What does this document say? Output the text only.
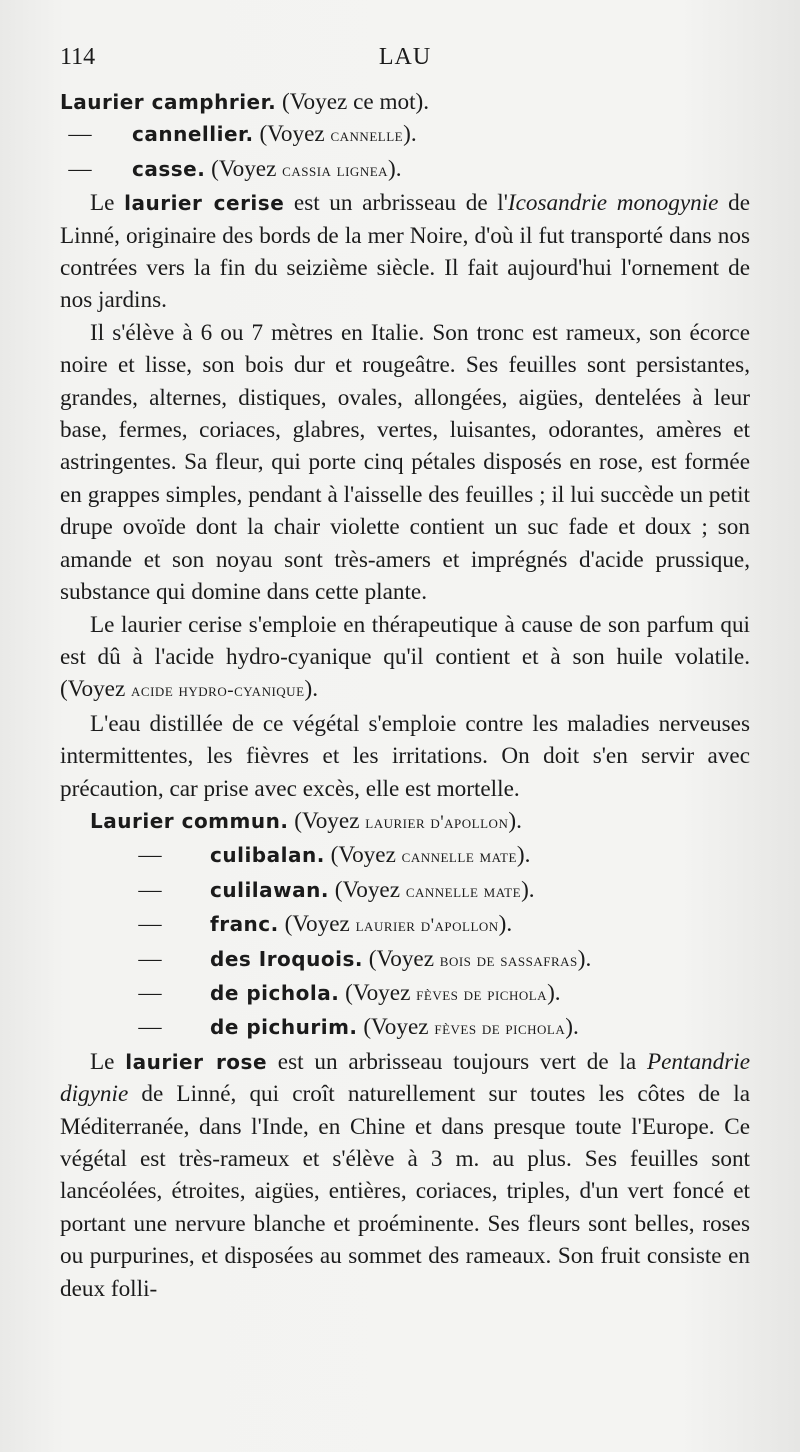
114	LAU
Laurier camphrier. (Voyez ce mot).
— cannellier. (Voyez cannelle).
— casse. (Voyez cassia lignea).

Le laurier cerise est un arbrisseau de l'Icosandrie monogynie de Linné, originaire des bords de la mer Noire, d'où il fut transporté dans nos contrées vers la fin du seizième siècle. Il fait aujourd'hui l'ornement de nos jardins.

Il s'élève à 6 ou 7 mètres en Italie. Son tronc est rameux, son écorce noire et lisse, son bois dur et rougeâtre. Ses feuilles sont persistantes, grandes, alternes, distiques, ovales, allongées, aigües, dentelées à leur base, fermes, coriaces, glabres, vertes, luisantes, odorantes, amères et astringentes. Sa fleur, qui porte cinq pétales disposés en rose, est formée en grappes simples, pendant à l'aisselle des feuilles ; il lui succède un petit drupe ovoïde dont la chair violette contient un suc fade et doux ; son amande et son noyau sont très-amers et imprégnés d'acide prussique, substance qui domine dans cette plante.

Le laurier cerise s'emploie en thérapeutique à cause de son parfum qui est dû à l'acide hydro-cyanique qu'il contient et à son huile volatile. (Voyez acide hydro-cyanique).

L'eau distillée de ce végétal s'emploie contre les maladies nerveuses intermittentes, les fièvres et les irritations. On doit s'en servir avec précaution, car prise avec excès, elle est mortelle.

Laurier commun. (Voyez laurier d'apollon).
— culibalan. (Voyez cannelle mate).
— culilawan. (Voyez cannelle mate).
— franc. (Voyez laurier d'apollon).
— des Iroquois. (Voyez bois de sassafras).
— de pichola. (Voyez fèves de pichola).
— de pichurim. (Voyez fèves de pichola).

Le laurier rose est un arbrisseau toujours vert de la Pentandrie digynie de Linné, qui croît naturellement sur toutes les côtes de la Méditerranée, dans l'Inde, en Chine et dans presque toute l'Europe. Ce végétal est très-rameux et s'élève à 3 m. au plus. Ses feuilles sont lancéolées, étroites, aigües, entières, coriaces, triples, d'un vert foncé et portant une nervure blanche et proéminente. Ses fleurs sont belles, roses ou purpurines, et disposées au sommet des rameaux. Son fruit consiste en deux folli-
